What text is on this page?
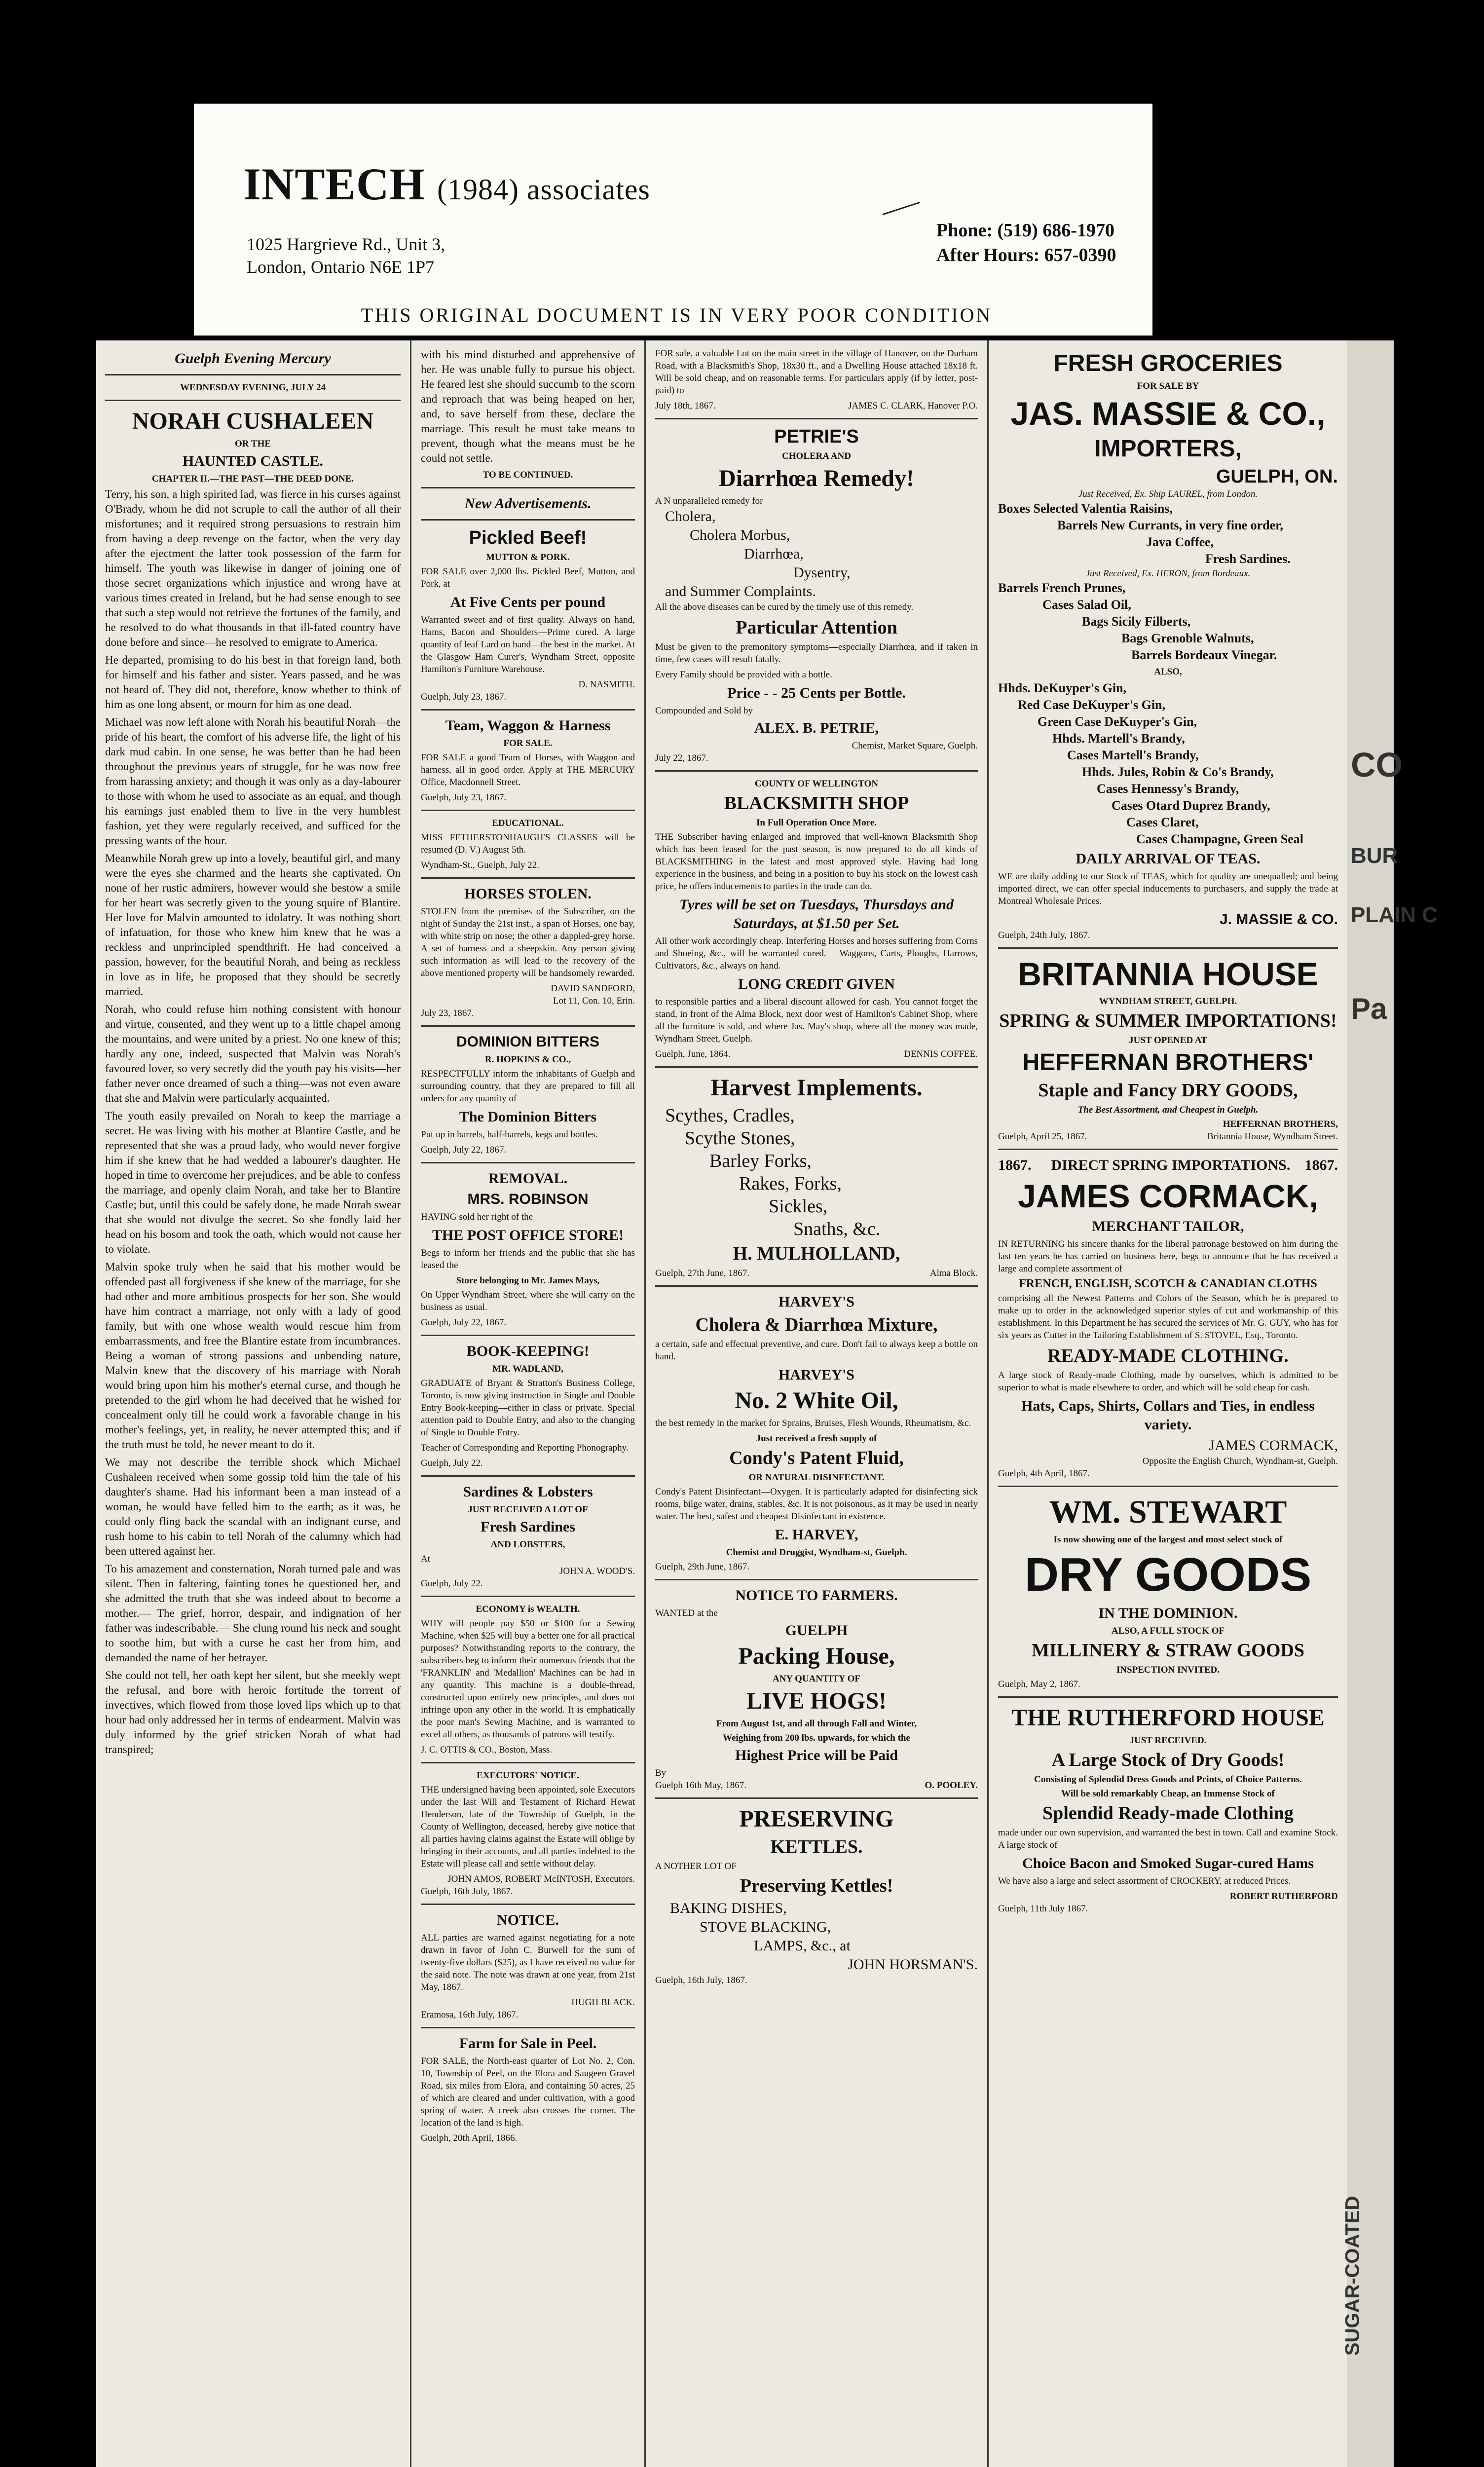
INTECH (1984) associates
1025 Hargrieve Rd., Unit 3,
London, Ontario N6E 1P7
Phone: (519) 686-1970
After Hours: 657-0390
THIS ORIGINAL DOCUMENT IS IN VERY POOR CONDITION
Guelph Evening Mercury
WEDNESDAY EVENING, JULY 24
NORAH CUSHALEEN
OR THE
HAUNTED CASTLE.
CHAPTER II.—THE PAST—THE DEED DONE.

Terry, his son, a high spirited lad, was fierce in his curses against O'Brady, whom he did not scruple to call the author of all their misfortunes; and it required strong persuasions to restrain him from having a deep revenge on the factor, when the very day after the ejectment the latter took possession of the farm for himself. The youth was likewise in danger of joining one of those secret organizations which injustice and wrong have at various times created in Ireland, but he had sense enough to see that such a step would not retrieve the fortunes of the family, and he resolved to do what thousands in that ill-fated country have done before and since—he resolved to emigrate to America.

He departed, promising to do his best in that foreign land, both for himself and his father and sister. Years passed, and he was not heard of. They did not, therefore, know whether to think of him as one long absent, or mourn for him as one dead.

Michael was now left alone with Norah his beautiful Norah—the pride of his heart, the comfort of his adverse life, the light of his dark mud cabin. In one sense, he was better than he had been throughout the previous years of struggle, for he was now free from harassing anxiety; and though it was only as a day-labourer to those with whom he used to associate as an equal, and though his earnings just enabled them to live in the very humblest fashion, yet they were regularly received, and sufficed for the pressing wants of the hour.

Meanwhile Norah grew up into a lovely, beautiful girl, and many were the eyes she charmed and the hearts she captivated. On none of her rustic admirers, however would she bestow a smile for her heart was secretly given to the young squire of Blantire. Her love for Malvin amounted to idolatry. It was nothing short of infatuation, for those who knew him knew that he was a reckless and unprincipled spendthrift. He had conceived a passion, however, for the beautiful Norah, and being as reckless in love as in life, he proposed that they should be secretly married.

Norah, who could refuse him nothing consistent with honour and virtue, consented, and they went up to a little chapel among the mountains, and were united by a priest. No one knew of this; hardly any one, indeed, suspected that Malvin was Norah's favoured lover, so very secretly did the youth pay his visits—her father never once dreamed of such a thing—was not even aware that she and Malvin were particularly acquainted.

The youth easily prevailed on Norah to keep the marriage a secret. He was living with his mother at Blantire Castle, and he represented that she was a proud lady, who would never forgive him if she knew that he had wedded a labourer's daughter. He hoped in time to overcome her prejudices, and be able to confess the marriage, and openly claim Norah, and take her to Blantire Castle; but, until this could be safely done, he made Norah swear that she would not divulge the secret. So she fondly laid her head on his bosom and took the oath, which would not cause her to violate.

Malvin spoke truly when he said that his mother would be offended past all forgiveness if she knew of the marriage, for she had other and more ambitious prospects for her son. She would have him contract a marriage, not only with a lady of good family, but with one whose wealth would rescue him from embarrassments, and free the Blantire estate from incumbrances. Being a woman of strong passions and unbending nature, Malvin knew that the discovery of his marriage with Norah would bring upon him his mother's eternal curse, and though he pretended to the girl whom he had deceived that he wished for concealment only till he could work a favorable change in his mother's feelings, yet, in reality, he never attempted this; and if the truth must be told, he never meant to do it.

We may not describe the terrible shock which Michael Cushaleen received when some gossip told him the tale of his daughter's shame. Had his informant been a man instead of a woman, he would have felled him to the earth; as it was, he could only fling back the scandal with an indignant curse, and rush home to his cabin to tell Norah of the calumny which had been uttered against her.

To his amazement and consternation, Norah turned pale and was silent. Then in faltering, fainting tones he questioned her, and she admitted the truth that she was indeed about to become a mother.— The grief, horror, despair, and indignation of her father was indescribable.— She clung round his neck and sought to soothe him, but with a curse he cast her from him, and demanded the name of her betrayer.

She could not tell, her oath kept her silent, but she meekly wept the refusal, and bore with heroic fortitude the torrent of invectives, which flowed from those loved lips which up to that hour had only addressed her in terms of endearment. Malvin was duly informed by the grief stricken Norah of what had transpired;

with his mind disturbed and apprehensive of her. He was unable fully to pursue his object. He feared lest she should succumb to the scorn and reproach that was being heaped on her, and, to save herself from these, declare the marriage. This result he must take means to prevent, though what the means must be he could not settle.

TO BE CONTINUED.
New Advertisements.
Pickled Beef!
MUTTON & PORK.

FOR SALE over 2,000 lbs. Pickled Beef, Mutton, and Pork, at

At Five Cents per pound

Warranted sweet and of first quality. Always on hand, Hams, Bacon and Shoulders—Prime cured. A large quantity of leaf Lard on hand—the best in the market. At the Glasgow Ham Curer's, Wyndham Street, opposite Hamilton's Furniture Warehouse.

D. NASMITH.
Guelph, July 23, 1867.
Team, Waggon & Harness
FOR SALE.

FOR SALE a good Team of Horses, with Waggon and harness, all in good order. Apply at THE MERCURY Office, Macdonnell Street.

Guelph, July 23, 1867.
EDUCATIONAL.

MISS FETHERSTONHAUGH'S CLASSES will be resumed (D. V.) August 5th.

Wyndham-St., Guelph, July 22.
HORSES STOLEN.

STOLEN from the premises of the Subscriber, on the night of Sunday the 21st inst., a span of Horses, one bay, with white strip on nose; the other a dappled-grey horse. A set of harness and a sheepskin. Any person giving such information as will lead to the recovery of the above mentioned property will be handsomely rewarded.

DAVID SANDFORD,
Lot 11, Con. 10, Erin.
July 23, 1867.
DOMINION BITTERS
R. HOPKINS & CO.,

RESPECTFULLY inform the inhabitants of Guelph and surrounding country, that they are prepared to fill all orders for any quantity of

The Dominion Bitters

Put up in barrels, half-barrels, kegs and bottles.

Guelph, July 22, 1867.
REMOVAL.
MRS. ROBINSON

HAVING sold her right of the

THE POST OFFICE STORE!

Begs to inform her friends and the public that she has leased the

Store belonging to Mr. James Mays,

On Upper Wyndham Street, where she will carry on the business as usual.

Guelph, July 22, 1867.
BOOK-KEEPING!
MR. WADLAND,

GRADUATE of Bryant & Stratton's Business College, Toronto, is now giving instruction in Single and Double Entry Book-keeping—either in class or private. Special attention paid to Double Entry, and also to the changing of Single to Double Entry.

Teacher of Corresponding and Reporting Phonography.

Guelph, July 22.
Sardines & Lobsters
JUST RECEIVED A LOT OF
Fresh Sardines
AND LOBSTERS,
At
JOHN A. WOOD'S.
Guelph, July 22.
ECONOMY is WEALTH.

WHY will people pay $50 or $100 for a Sewing Machine, when $25 will buy a better one for all practical purposes? Notwithstanding reports to the contrary, the subscribers beg to inform their numerous friends that the 'FRANKLIN' and 'Medallion' Machines can be had in any quantity. This machine is a double-thread, constructed upon entirely new principles, and does not infringe upon any other in the world. It is emphatically the poor man's Sewing Machine, and is warranted to excel all others, as thousands of patrons will testify.

J. C. OTTIS & CO., Boston, Mass.
EXECUTORS' NOTICE.

THE undersigned having been appointed, sole Executors under the last Will and Testament of Richard Hewat Henderson, late of the Township of Guelph, in the County of Wellington, deceased, hereby give notice that all parties having claims against the Estate will oblige by bringing in their accounts, and all parties indebted to the Estate will please call and settle without delay.

JOHN AMOS, ROBERT McINTOSH, Executors.
Guelph, 16th July, 1867.
NOTICE.

ALL parties are warned against negotiating for a note drawn in favor of John C. Burwell for the sum of twenty-five dollars ($25), as I have received no value for the said note. The note was drawn at one year, from 21st May, 1867.

HUGH BLACK.
Eramosa, 16th July, 1867.
Farm for Sale in Peel.

FOR SALE, the North-east quarter of Lot No. 2, Con. 10, Township of Peel, on the Elora and Saugeen Gravel Road, six miles from Elora, and containing 50 acres, 25 of which are cleared and under cultivation, with a good spring of water. A creek also crosses the corner. The location of the land is high.

Guelph, 20th April, 1866.

FOR sale, a valuable Lot on the main street in the village of Hanover, on the Durham Road, with a Blacksmith's Shop, 18x30 ft., and a Dwelling House attached 18x18 ft. Will be sold cheap, and on reasonable terms. For particulars apply (if by letter, post-paid) to

July 18th, 1867.	JAMES C. CLARK, Hanover P.O.
PETRIE'S
CHOLERA AND
Diarrhœa Remedy!
A N unparalleled remedy for
Cholera,
Cholera Morbus,
Diarrhœa,
Dysentry,
and Summer Complaints.

All the above diseases can be cured by the timely use of this remedy.

Particular Attention

Must be given to the premonitory symptoms—especially Diarrhœa, and if taken in time, few cases will result fatally.

Every Family should be provided with a bottle.

Price - - 25 Cents per Bottle.
Compounded and Sold by
ALEX. B. PETRIE,
Chemist, Market Square, Guelph.
July 22, 1867.
COUNTY OF WELLINGTON
BLACKSMITH SHOP
In Full Operation Once More.

THE Subscriber having enlarged and improved that well-known Blacksmith Shop which has been leased for the past season, is now prepared to do all kinds of BLACKSMITHING in the latest and most approved style. Having had long experience in the business, and being in a position to buy his stock on the lowest cash price, he offers inducements to parties in the trade can do.

Tyres will be set on Tuesdays, Thursdays and Saturdays, at $1.50 per Set.

All other work accordingly cheap. Interfering Horses and horses suffering from Corns and Shoeing, &c., will be warranted cured.— Waggons, Carts, Ploughs, Harrows, Cultivators, &c., always on hand.

LONG CREDIT GIVEN

to responsible parties and a liberal discount allowed for cash. You cannot forget the stand, in front of the Alma Block, next door west of Hamilton's Cabinet Shop, where all the furniture is sold, and where Jas. May's shop, where all the money was made, Wyndham Street, Guelph.

Guelph, June, 1864.	DENNIS COFFEE.
Harvest Implements.
Scythes, Cradles,
Scythe Stones,
Barley Forks,
Rakes, Forks,
Sickles,
Snaths, &c.
H. MULHOLLAND,
Guelph, 27th June, 1867.	Alma Block.
HARVEY'S
Cholera & Diarrhœa Mixture,

a certain, safe and effectual preventive, and cure. Don't fail to always keep a bottle on hand.

HARVEY'S
No. 2 White Oil,

the best remedy in the market for Sprains, Bruises, Flesh Wounds, Rheumatism, &c.

Just received a fresh supply of
Condy's Patent Fluid,
OR NATURAL DISINFECTANT.

Condy's Patent Disinfectant—Oxygen. It is particularly adapted for disinfecting sick rooms, bilge water, drains, stables, &c. It is not poisonous, as it may be used in nearly water. The best, safest and cheapest Disinfectant in existence.

E. HARVEY,
Chemist and Druggist, Wyndham-st, Guelph.
Guelph, 29th June, 1867.
NOTICE TO FARMERS.
WANTED at the
GUELPH
Packing House,
ANY QUANTITY OF
LIVE HOGS!
From August 1st, and all through Fall and Winter,
Weighing from 200 lbs. upwards, for which the
Highest Price will be Paid
By
Guelph 16th May, 1867.	O. POOLEY.
PRESERVING
KETTLES.
A NOTHER LOT OF
Preserving Kettles!
BAKING DISHES,
STOVE BLACKING,
LAMPS, &c., at
JOHN HORSMAN'S.
Guelph, 16th July, 1867.
FRESH GROCERIES
FOR SALE BY
JAS. MASSIE & CO.,
IMPORTERS,
GUELPH, ON.
Just Received, Ex. Ship LAUREL, from London.
Boxes Selected Valentia Raisins,
Barrels New Currants, in very fine order,
Java Coffee,
Fresh Sardines.
Just Received, Ex. HERON, from Bordeaux.
Barrels French Prunes,
Cases Salad Oil,
Bags Sicily Filberts,
Bags Grenoble Walnuts,
Barrels Bordeaux Vinegar.
ALSO,
Hhds. DeKuyper's Gin,
Red Case DeKuyper's Gin,
Green Case DeKuyper's Gin,
Hhds. Martell's Brandy,
Cases Martell's Brandy,
Hhds. Jules, Robin & Co's Brandy,
Cases Hennessy's Brandy,
Cases Otard Duprez Brandy,
Cases Claret,
Cases Champagne, Green Seal
DAILY ARRIVAL OF TEAS.

WE are daily adding to our Stock of TEAS, which for quality are unequalled; and being imported direct, we can offer special inducements to purchasers, and supply the trade at Montreal Wholesale Prices.

J. MASSIE & CO.
Guelph, 24th July, 1867.
BRITANNIA HOUSE
WYNDHAM STREET, GUELPH.
SPRING & SUMMER IMPORTATIONS!
JUST OPENED AT
HEFFERNAN BROTHERS'
Staple and Fancy DRY GOODS,
The Best Assortment, and Cheapest in Guelph.
HEFFERNAN BROTHERS,
Guelph, April 25, 1867.	Britannia House, Wyndham Street.
1867. DIRECT SPRING IMPORTATIONS. 1867.
JAMES CORMACK,
MERCHANT TAILOR,

IN RETURNING his sincere thanks for the liberal patronage bestowed on him during the last ten years he has carried on business here, begs to announce that he has received a large and complete assortment of

FRENCH, ENGLISH, SCOTCH & CANADIAN CLOTHS

comprising all the Newest Patterns and Colors of the Season, which he is prepared to make up to order in the acknowledged superior styles of cut and workmanship of this establishment. In this Department he has secured the services of Mr. G. GUY, who has for six years as Cutter in the Tailoring Establishment of S. STOVEL, Esq., Toronto.

READY-MADE CLOTHING.

A large stock of Ready-made Clothing, made by ourselves, which is admitted to be superior to what is made elsewhere to order, and which will be sold cheap for cash.

Hats, Caps, Shirts, Collars and Ties, in endless variety.
JAMES CORMACK,
Opposite the English Church, Wyndham-st, Guelph.
Guelph, 4th April, 1867.
WM. STEWART
Is now showing one of the largest and most select stock of
DRY GOODS
IN THE DOMINION.
ALSO, A FULL STOCK OF
MILLINERY & STRAW GOODS
INSPECTION INVITED.
Guelph, May 2, 1867.
THE RUTHERFORD HOUSE
JUST RECEIVED.
A Large Stock of Dry Goods!
Consisting of Splendid Dress Goods and Prints, of Choice Patterns.
Will be sold remarkably Cheap, an Immense Stock of
Splendid Ready-made Clothing

made under our own supervision, and warranted the best in town. Call and examine Stock. A large stock of

Choice Bacon and Smoked Sugar-cured Hams

We have also a large and select assortment of CROCKERY, at reduced Prices.

ROBERT RUTHERFORD
Guelph, 11th July 1867.
CO
BUR
PLAIN C
Pa
SUGAR-COATED
